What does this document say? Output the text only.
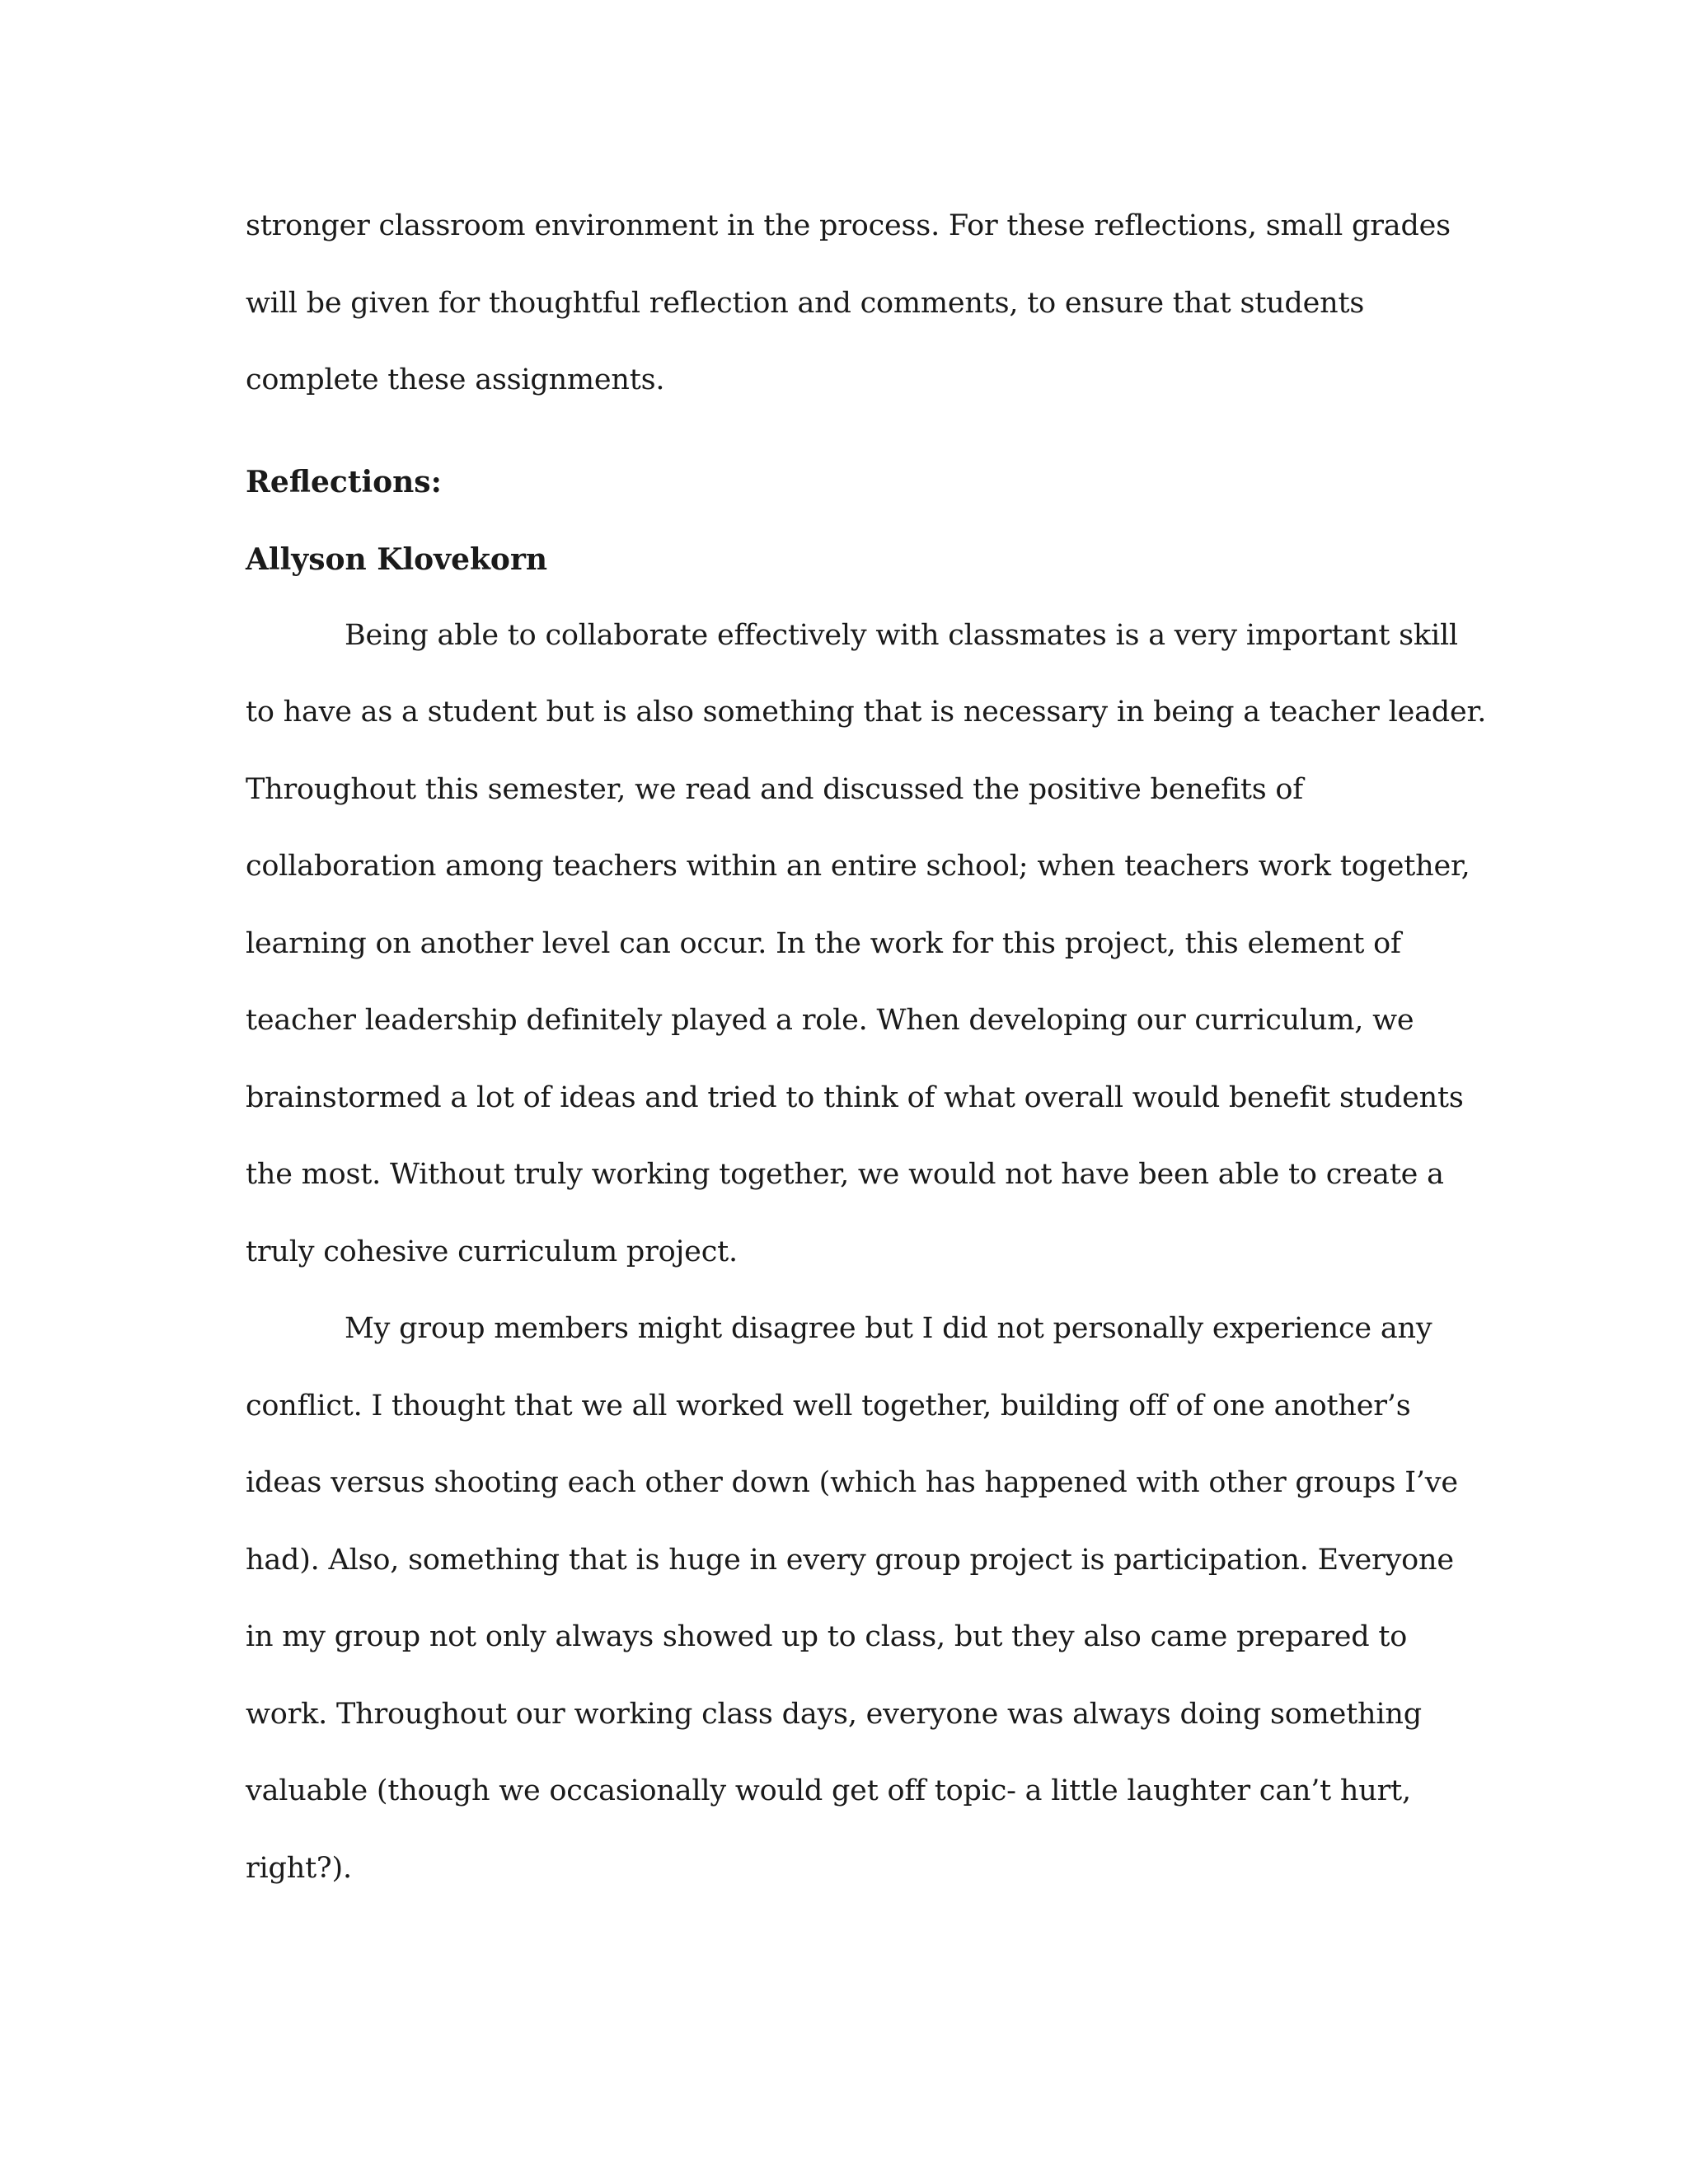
stronger classroom environment in the process. For these reflections, small grades
will be given for thoughtful reflection and comments, to ensure that students
complete these assignments.
Reflections:
Allyson Klovekorn
Being able to collaborate effectively with classmates is a very important skill
to have as a student but is also something that is necessary in being a teacher leader.
Throughout this semester, we read and discussed the positive benefits of
collaboration among teachers within an entire school; when teachers work together,
learning on another level can occur. In the work for this project, this element of
teacher leadership definitely played a role. When developing our curriculum, we
brainstormed a lot of ideas and tried to think of what overall would benefit students
the most. Without truly working together, we would not have been able to create a
truly cohesive curriculum project.
My group members might disagree but I did not personally experience any
conflict. I thought that we all worked well together, building off of one another’s
ideas versus shooting each other down (which has happened with other groups I’ve
had). Also, something that is huge in every group project is participation. Everyone
in my group not only always showed up to class, but they also came prepared to
work. Throughout our working class days, everyone was always doing something
valuable (though we occasionally would get off topic- a little laughter can’t hurt,
right?).
